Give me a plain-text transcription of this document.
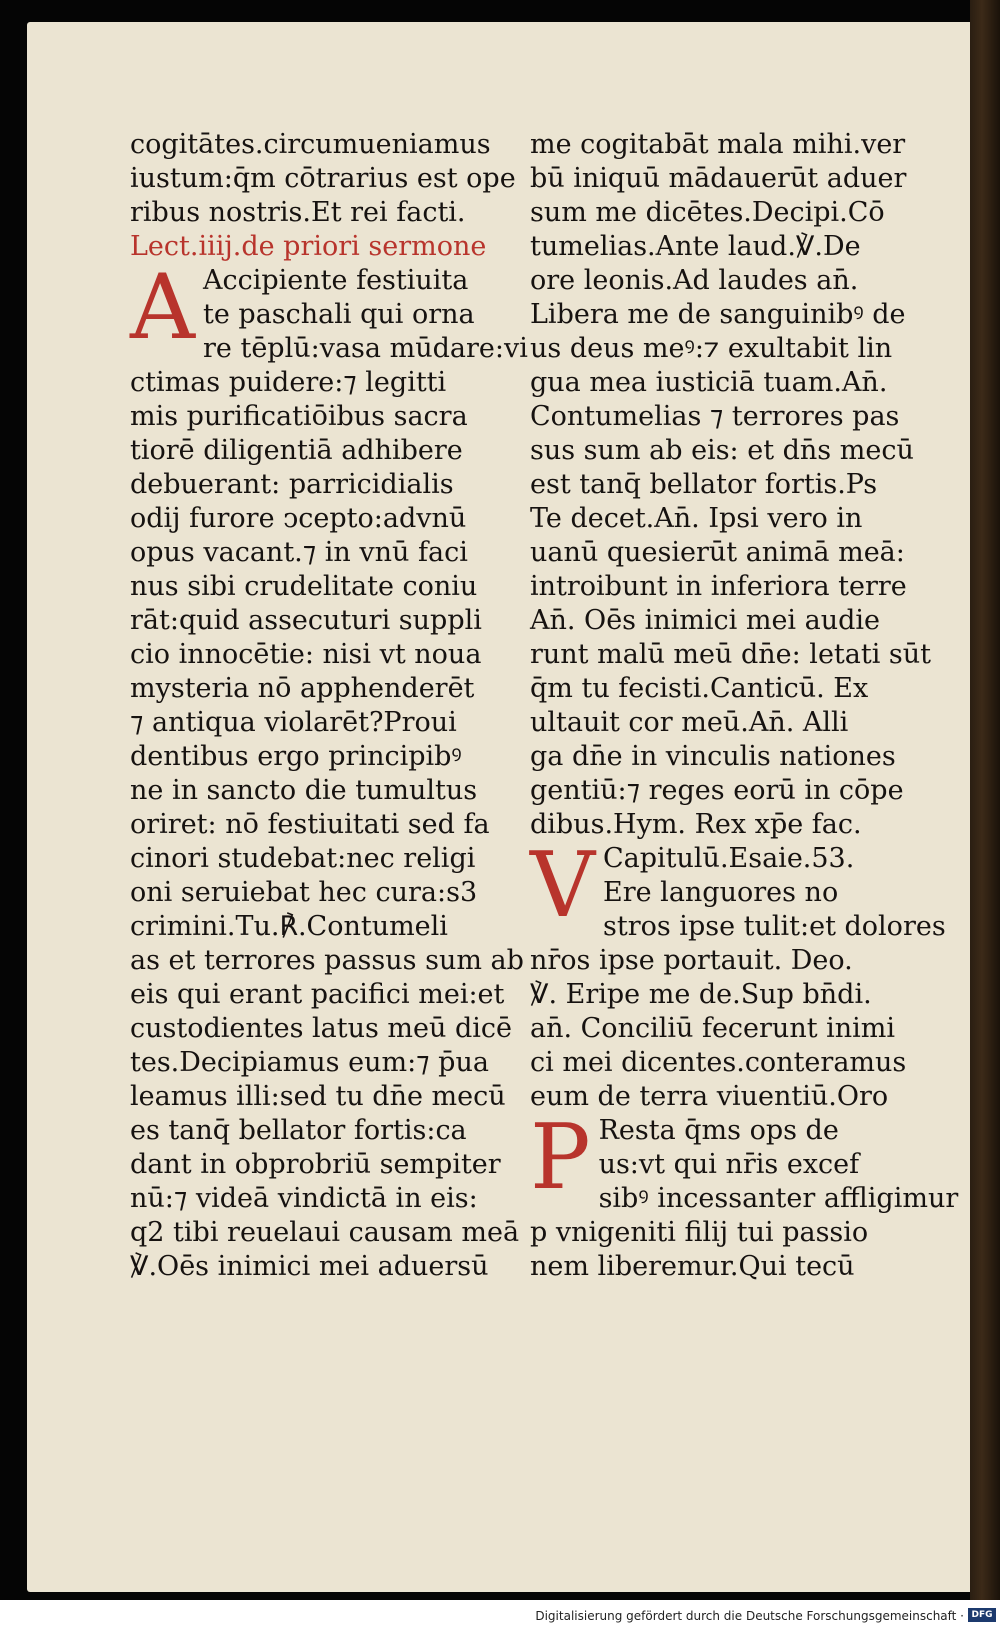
cogitātes.circumueniamus
iustum:q̄m cōtrarius est ope
ribus nostris.Et rei facti.
Lect.iiij.de priori sermone
A Accipiente festiuita
te paschali qui orna
re tēplū:vasa mūdare:vi
ctimas puidere:⁊ legitti
mis purificatiōibus sacra
tiorē diligentiā adhibere
debuerant: parricidialis
odij furore ↄcepto:advnū
opus vacant.⁊ in vnū faci
nus sibi crudelitate coniu
rāt:quid assecuturi suppli
cio innocētie: nisi vt noua
mysteria nō apphenderēt
⁊ antiqua violarēt?Proui
dentibus ergo principibꝰ
ne in sancto die tumultus
oriret: nō festiuitati sed fa
cinori studebat:nec religi
oni seruiebat hec cura:s3
crimini.Tu.℟.Contumeli
as et terrores passus sum ab
eis qui erant pacifici mei:et
custodientes latus meū dicē
tes.Decipiamus eum:⁊ p̄ua
leamus illi:sed tu dn̄e mecū
es tanq̄ bellator fortis:ca
dant in obprobriū sempiter
nū:⁊ videā vindictā in eis:
q2 tibi reuelaui causam meā
℣.Oēs inimici mei aduersū
me cogitabāt mala mihi.ver
bū iniquū mādauerūt aduer
sum me dicētes.Decipi.Cō
tumelias.Ante laud.℣.De
ore leonis.Ad laudes an̄.
Libera me de sanguinibꝰ de
us deus meꝰ:⁊ exultabit lin
gua mea iusticiā tuam.An̄.
Contumelias ⁊ terrores pas
sus sum ab eis: et dn̄s mecū
est tanq̄ bellator fortis.Ps
Te decet.An̄. Ipsi vero in
uanū quesierūt animā meā:
introibunt in inferiora terre
An̄. Oēs inimici mei audie
runt malū meū dn̄e: letati sūt
q̄m tu fecisti.Canticū. Ex
ultauit cor meū.An̄. Alli
ga dn̄e in vinculis nationes
gentiū:⁊ reges eorū in cōpe
dibus.Hym. Rex xp̄e fac.
V Capitulū.Esaie.53.
Ere languores no
stros ipse tulit:et dolores
nr̄os ipse portauit. Deo.
℣. Eripe me de.Sup bn̄di.
an̄. Conciliū fecerunt inimi
ci mei dicentes.conteramus
eum de terra viuentiū.Oro
P Resta q̄ms ops de
us:vt qui nr̄is excef
sibꝰ incessanter affligimur
p vnigeniti filij tui passio
nem liberemur.Qui tecū
Digitalisierung gefördert durch die Deutsche Forschungsgemeinschaft · DFG
